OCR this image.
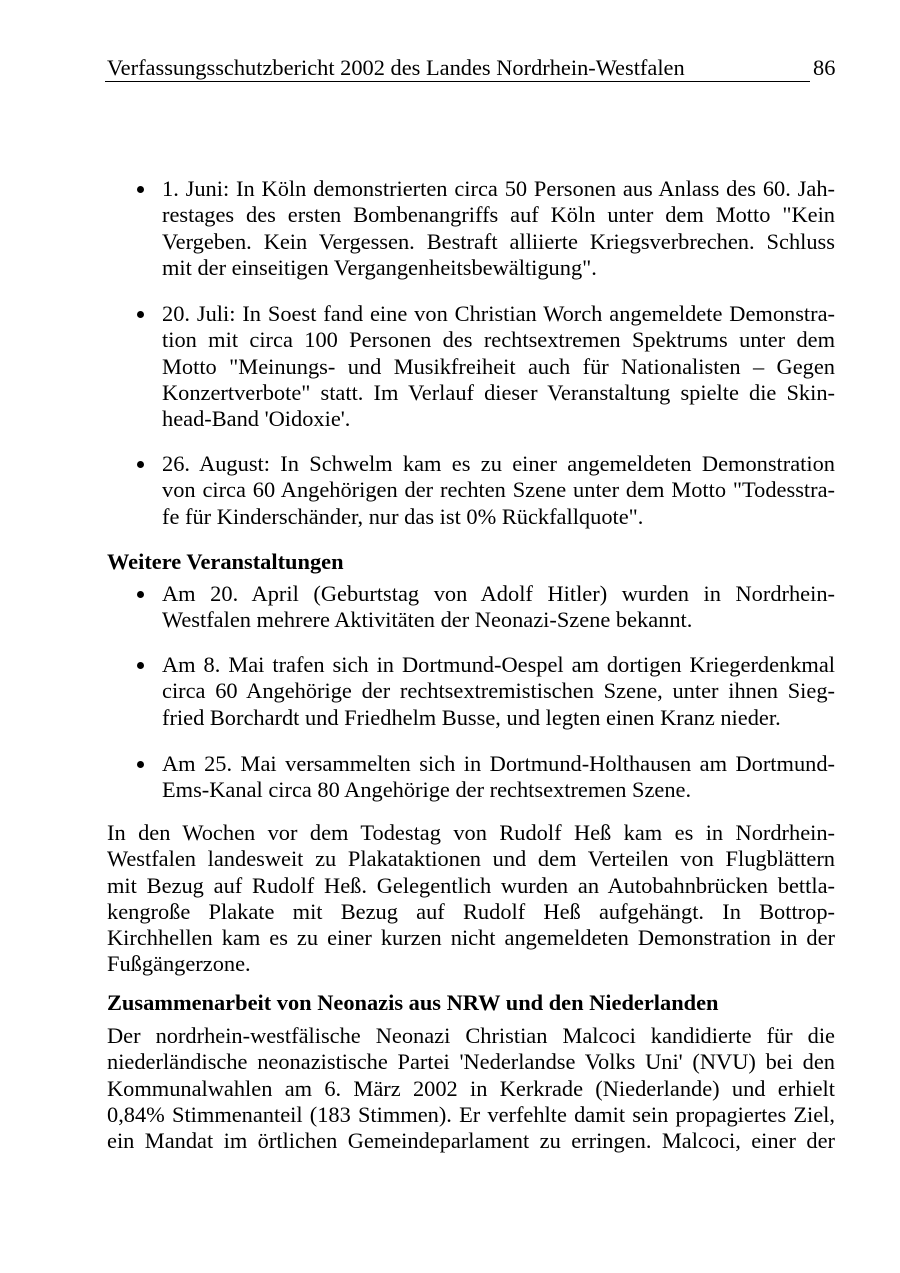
Verfassungsschutzbericht 2002 des Landes Nordrhein-Westfalen	86
1. Juni: In Köln demonstrierten circa 50 Personen aus Anlass des 60. Jah-
restages des ersten Bombenangriffs auf Köln unter dem Motto "Kein
Vergeben. Kein Vergessen. Bestraft alliierte Kriegsverbrechen. Schluss
mit der einseitigen Vergangenheitsbewältigung".
20. Juli: In Soest fand eine von Christian Worch angemeldete Demonstra-
tion mit circa 100 Personen des rechtsextremen Spektrums unter dem
Motto "Meinungs- und Musikfreiheit auch für Nationalisten – Gegen
Konzertverbote" statt. Im Verlauf dieser Veranstaltung spielte die Skin-
head-Band 'Oidoxie'.
26. August: In Schwelm kam es zu einer angemeldeten Demonstration
von circa 60 Angehörigen der rechten Szene unter dem Motto "Todesstra-
fe für Kinderschänder, nur das ist 0% Rückfallquote".
Weitere Veranstaltungen
Am 20. April (Geburtstag von Adolf Hitler) wurden in Nordrhein-
Westfalen mehrere Aktivitäten der Neonazi-Szene bekannt.
Am 8. Mai trafen sich in Dortmund-Oespel am dortigen Kriegerdenkmal
circa 60 Angehörige der rechtsextremistischen Szene, unter ihnen Sieg-
fried Borchardt und Friedhelm Busse, und legten einen Kranz nieder.
Am 25. Mai versammelten sich in Dortmund-Holthausen am Dortmund-
Ems-Kanal circa 80 Angehörige der rechtsextremen Szene.
In den Wochen vor dem Todestag von Rudolf Heß kam es in Nordrhein-
Westfalen landesweit zu Plakataktionen und dem Verteilen von Flugblättern
mit Bezug auf Rudolf Heß. Gelegentlich wurden an Autobahnbrücken bettla-
kengroße Plakate mit Bezug auf Rudolf Heß aufgehängt. In Bottrop-
Kirchhellen kam es zu einer kurzen nicht angemeldeten Demonstration in der
Fußgängerzone.
Zusammenarbeit von Neonazis aus NRW und den Niederlanden
Der nordrhein-westfälische Neonazi Christian Malcoci kandidierte für die
niederländische neonazistische Partei 'Nederlandse Volks Uni' (NVU) bei den
Kommunalwahlen am 6. März 2002 in Kerkrade (Niederlande) und erhielt
0,84% Stimmenanteil (183 Stimmen). Er verfehlte damit sein propagiertes Ziel,
ein Mandat im örtlichen Gemeindeparlament zu erringen. Malcoci, einer der
